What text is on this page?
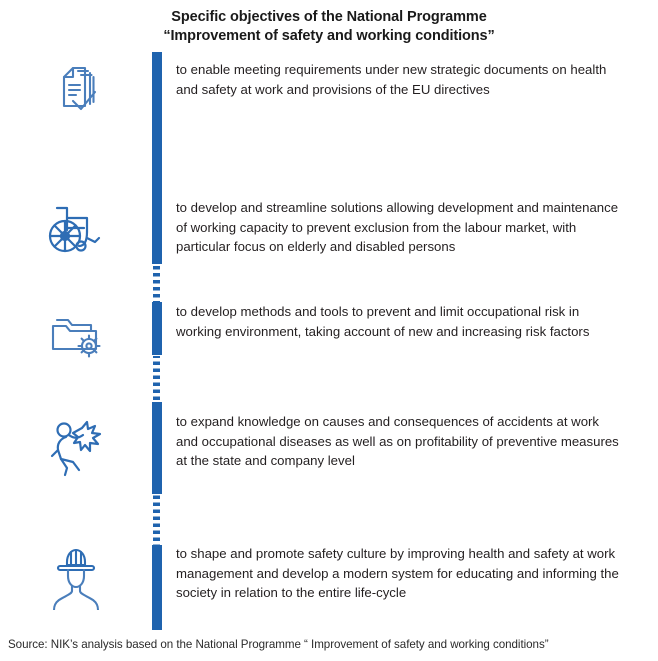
Specific objectives of the National Programme
“Improvement of safety and working conditions”
to enable meeting requirements under new strategic documents on health and safety at work and provisions of the EU directives
to develop and streamline solutions allowing development and maintenance of working capacity to prevent exclusion from the labour market, with particular focus on elderly and disabled persons
to develop methods and tools to prevent and limit occupational risk in working environment, taking account of new and increasing risk factors
to expand knowledge on causes and consequences of accidents at work and occupational diseases as well as on profitability of preventive measures at the state and company level
to shape and promote safety culture by improving health and safety at work management and develop a modern system for educating and informing the society in relation to the entire life-cycle
Source: NIK’s analysis based on the National Programme “ Improvement of safety and working conditions”
